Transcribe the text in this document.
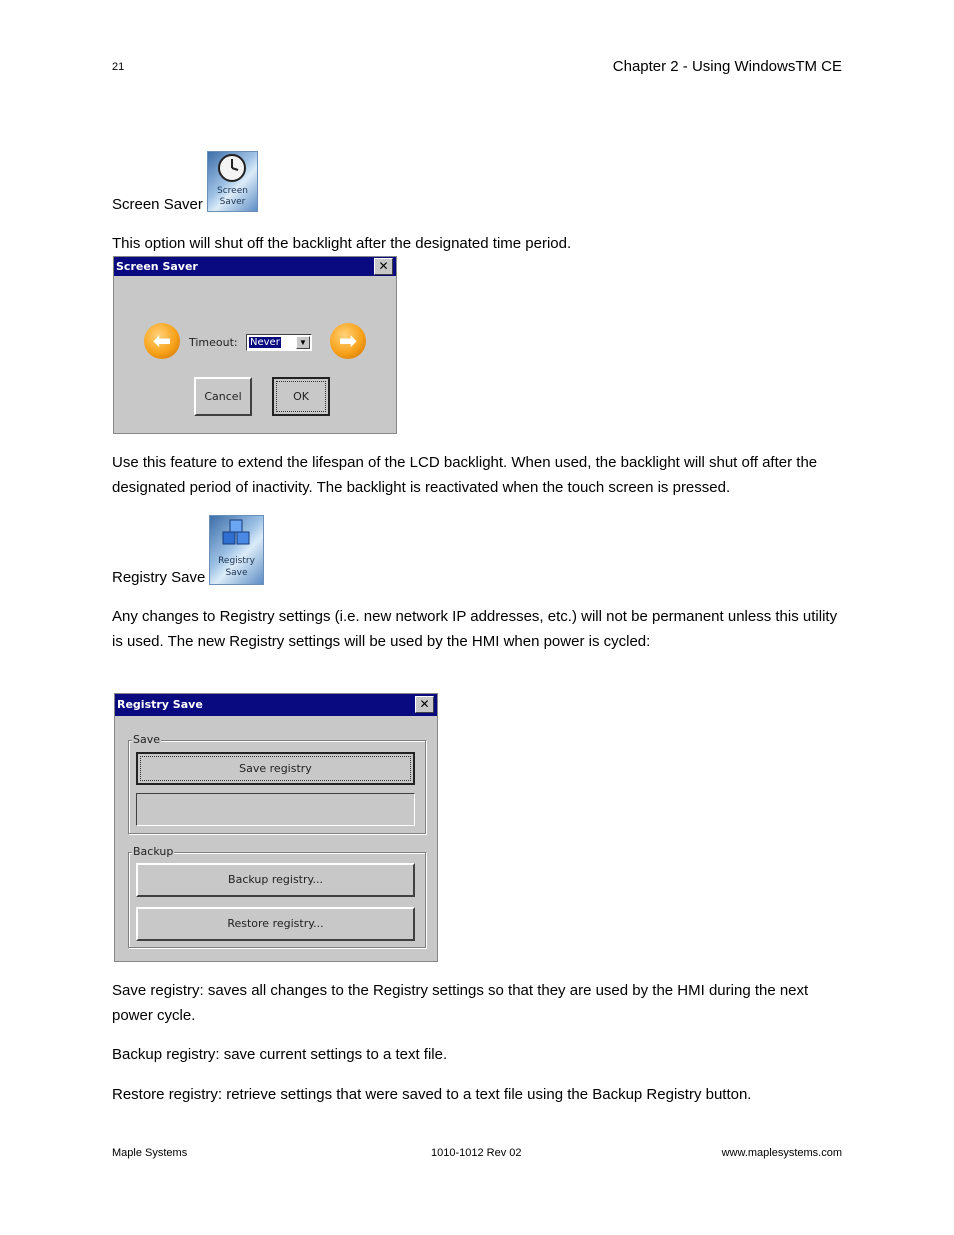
21	Chapter 2 - Using WindowsTM CE
Screen Saver
Screen
Saver
This option will shut off the backlight after the designated time period.
Screen Saver	✕
⬅	Timeout: Never	▼	➡
Cancel	OK
Use this feature to extend the lifespan of the LCD backlight. When used, the backlight will shut off after the designated period of inactivity. The backlight is reactivated when the touch screen is pressed.
Registry Save
Registry
Save
Any changes to Registry settings (i.e. new network IP addresses, etc.) will not be permanent unless this utility is used. The new Registry settings will be used by the HMI when power is cycled:
Registry Save	✕
Save
Save registry
Backup
Backup registry...
Restore registry...
Save registry: saves all changes to the Registry settings so that they are used by the HMI during the next power cycle.
Backup registry: save current settings to a text file.
Restore registry: retrieve settings that were saved to a text file using the Backup Registry button.
Maple Systems	1010-1012 Rev 02	www.maplesystems.com
